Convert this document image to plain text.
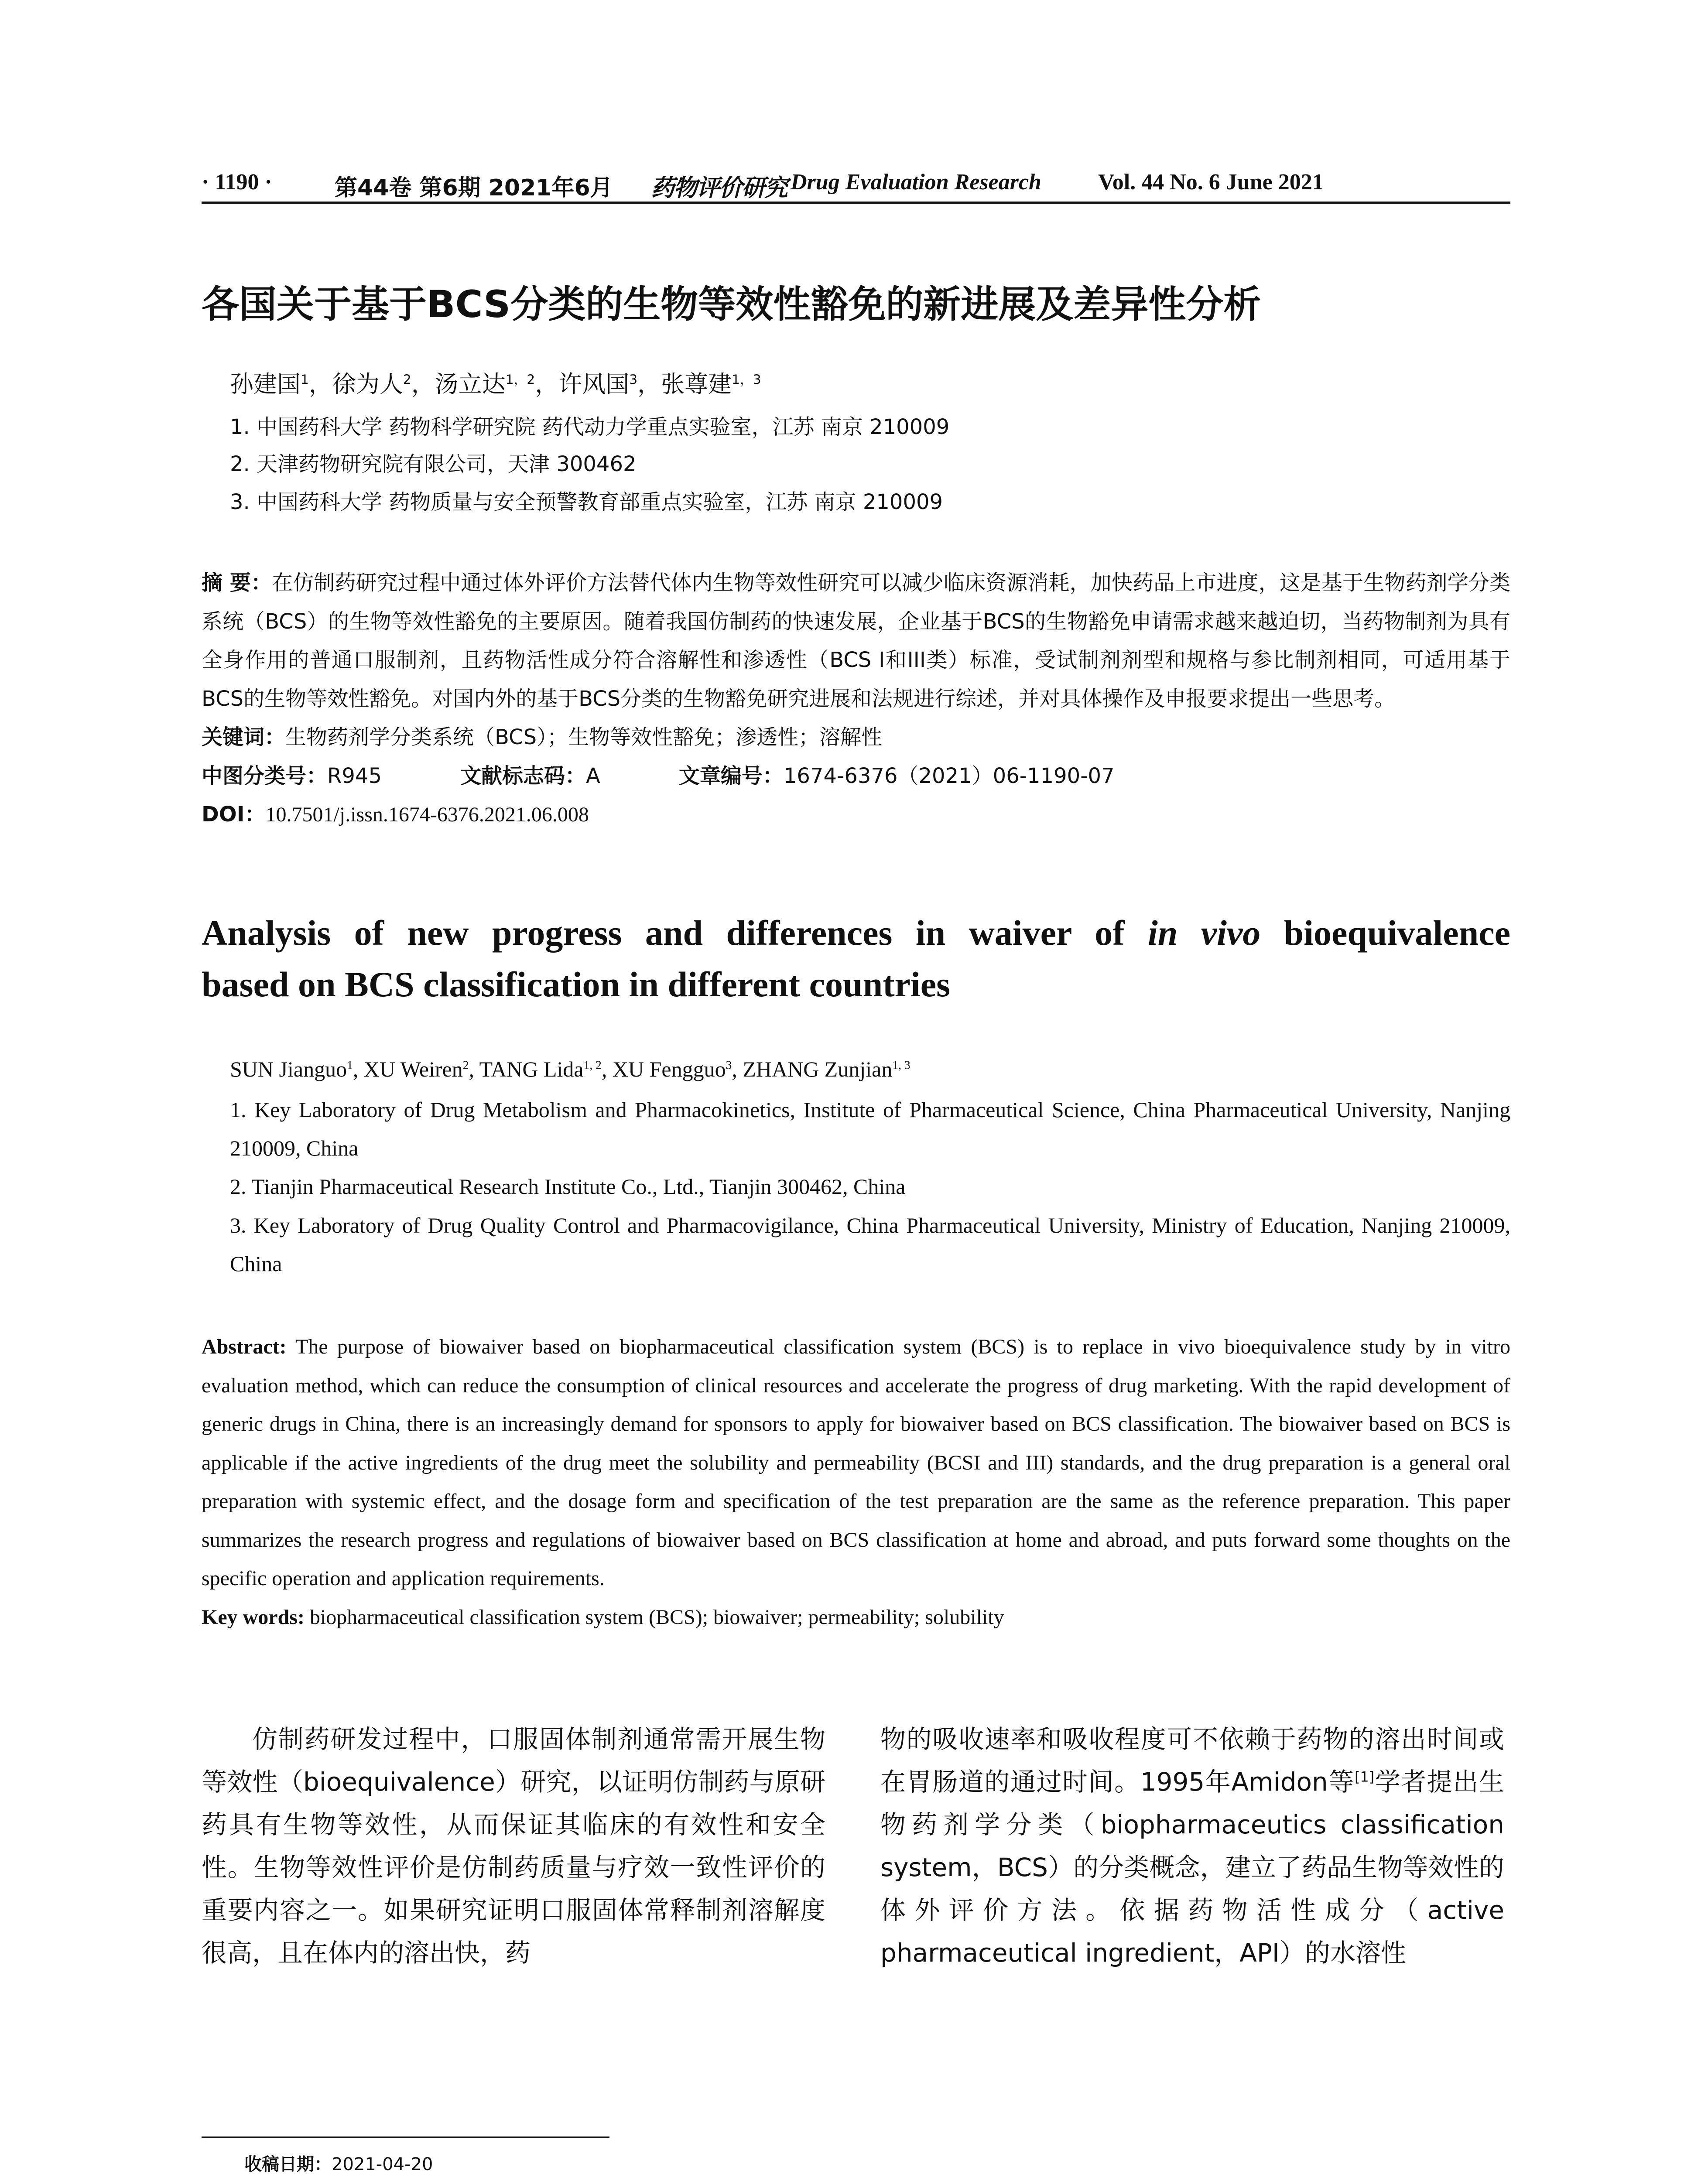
· 1190 ·	第44卷 第6期 2021年6月 药物评价研究 Drug Evaluation Research	Vol. 44 No. 6 June 2021
各国关于基于BCS分类的生物等效性豁免的新进展及差异性分析
孙建国$^1$，徐为人$^2$，汤立达$^{1,2}$，许风国$^3$，张尊建$^{1,3}$
1. 中国药科大学 药物科学研究院 药代动力学重点实验室，江苏 南京 210009
2. 天津药物研究院有限公司，天津 300462
3. 中国药科大学 药物质量与安全预警教育部重点实验室，江苏 南京 210009
摘 要：在仿制药研究过程中通过体外评价方法替代体内生物等效性研究可以减少临床资源消耗，加快药品上市进度，这是基于生物药剂学分类系统（BCS）的生物等效性豁免的主要原因。随着我国仿制药的快速发展，企业基于BCS的生物豁免申请需求越来越迫切，当药物制剂为具有全身作用的普通口服制剂，且药物活性成分符合溶解性和渗透性（BCS I和III类）标准，受试制剂剂型和规格与参比制剂相同，可适用基于BCS的生物等效性豁免。对国内外的基于BCS分类的生物豁免研究进展和法规进行综述，并对具体操作及申报要求提出一些思考。
关键词：生物药剂学分类系统（BCS）；生物等效性豁免；渗透性；溶解性
中图分类号：R945	文献标志码：A	文章编号：1674-6376（2021）06-1190-07
DOI：10.7501/j.issn.1674-6376.2021.06.008
Analysis of new progress and differences in waiver of in vivo bioequivalence
based on BCS classification in different countries
SUN Jianguo$^1$, XU Weiren$^2$, TANG Lida$^{1, 2}$, XU Fengguo$^3$, ZHANG Zunjian$^{1, 3}$
1. Key Laboratory of Drug Metabolism and Pharmacokinetics, Institute of Pharmaceutical Science, China Pharmaceutical University, Nanjing 210009, China
2. Tianjin Pharmaceutical Research Institute Co., Ltd., Tianjin 300462, China
3. Key Laboratory of Drug Quality Control and Pharmacovigilance, China Pharmaceutical University, Ministry of Education, Nanjing 210009, China
Abstract: The purpose of biowaiver based on biopharmaceutical classification system (BCS) is to replace in vivo bioequivalence study by in vitro evaluation method, which can reduce the consumption of clinical resources and accelerate the progress of drug marketing. With the rapid development of generic drugs in China, there is an increasingly demand for sponsors to apply for biowaiver based on BCS classification. The biowaiver based on BCS is applicable if the active ingredients of the drug meet the solubility and permeability (BCSI and III) standards, and the drug preparation is a general oral preparation with systemic effect, and the dosage form and specification of the test preparation are the same as the reference preparation. This paper summarizes the research progress and regulations of biowaiver based on BCS classification at home and abroad, and puts forward some thoughts on the specific operation and application requirements.
Key words: biopharmaceutical classification system (BCS); biowaiver; permeability; solubility
仿制药研发过程中，口服固体制剂通常需开展生物等效性（bioequivalence）研究，以证明仿制药与原研药具有生物等效性，从而保证其临床的有效性和安全性。生物等效性评价是仿制药质量与疗效一致性评价的重要内容之一。如果研究证明口服固体常释制剂溶解度很高，且在体内的溶出快，药
物的吸收速率和吸收程度可不依赖于药物的溶出时间或在胃肠道的通过时间。1995年Amidon等[1]学者提出生物药剂学分类（biopharmaceutics classification system，BCS）的分类概念，建立了药品生物等效性的体外评价方法。依据药物活性成分（active pharmaceutical ingredient，API）的水溶性
收稿日期：2021-04-20
